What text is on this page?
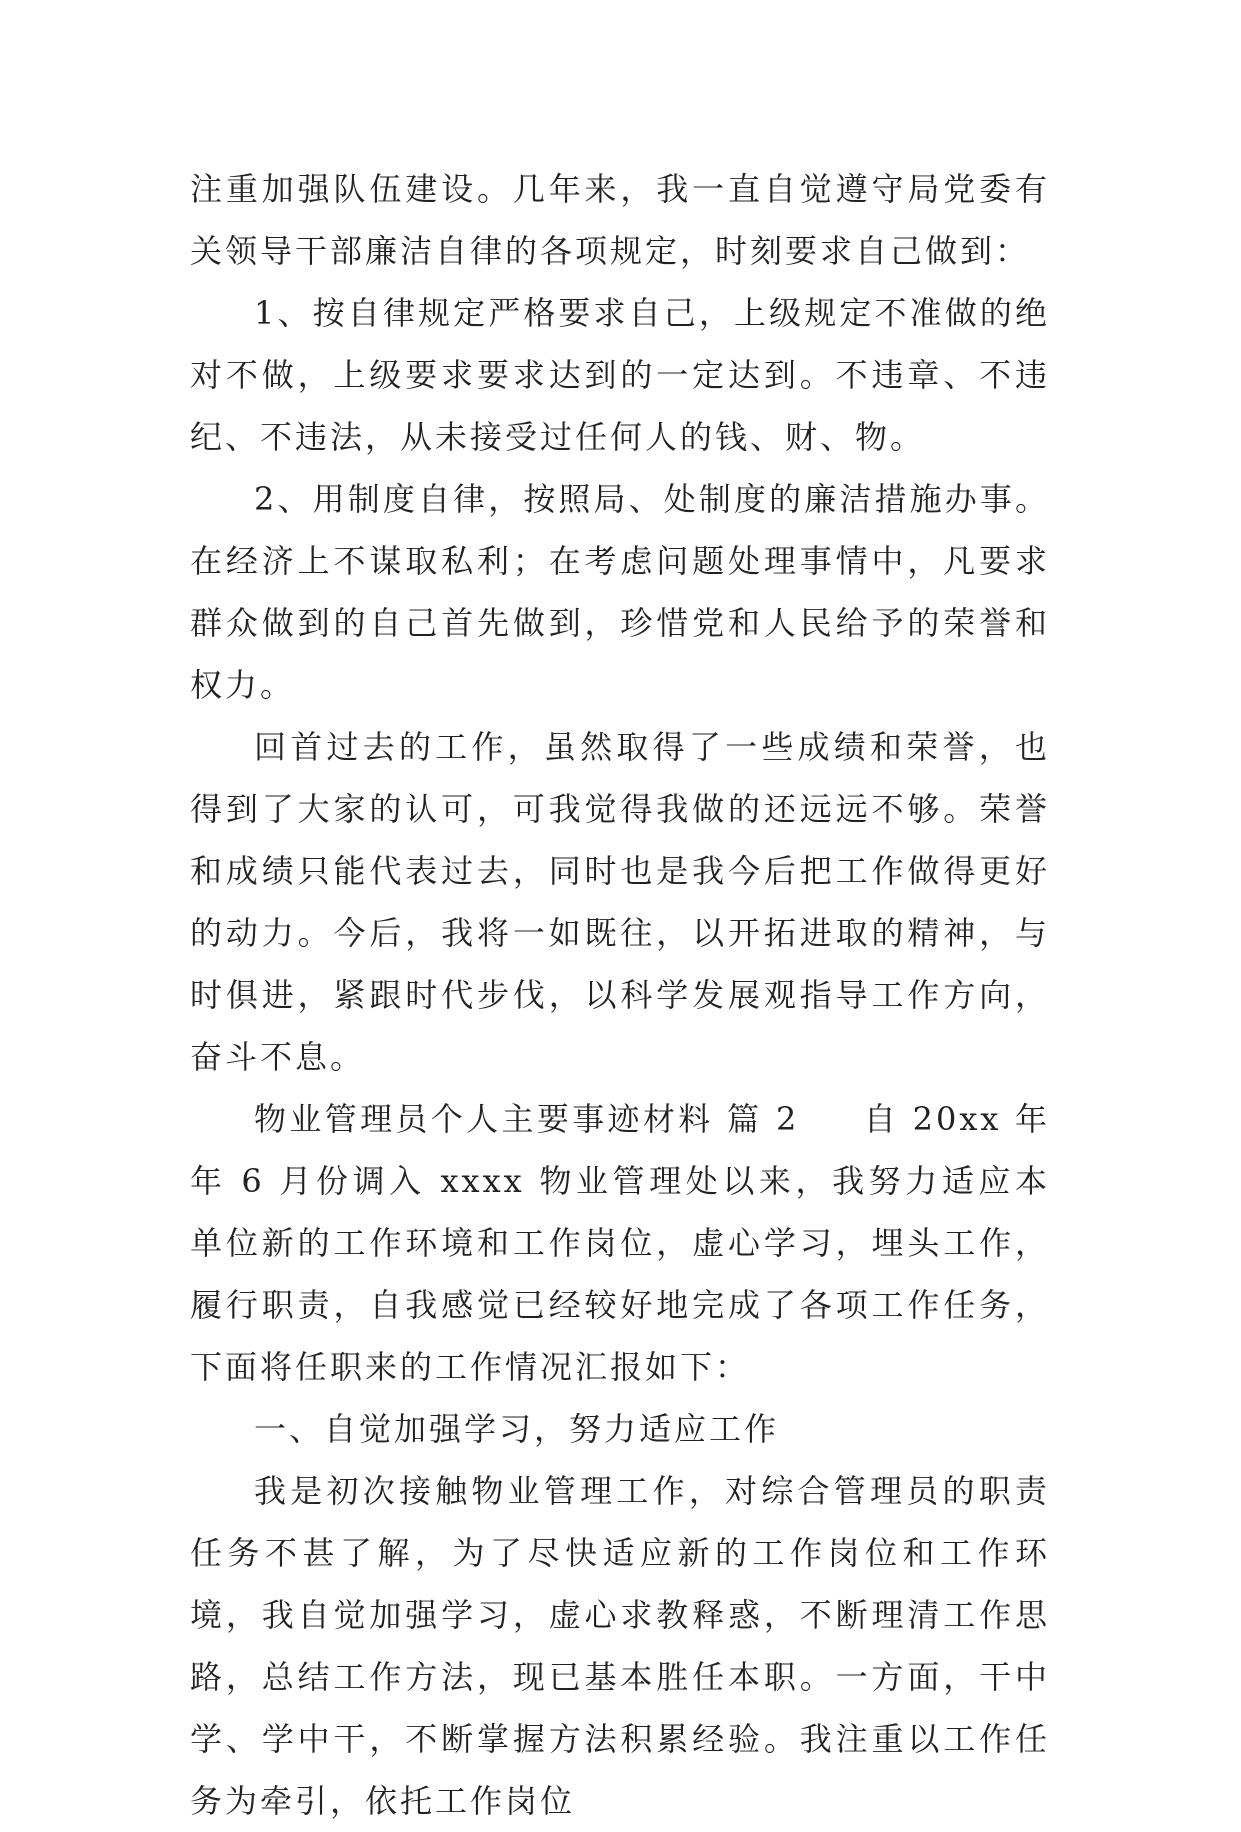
注重加强队伍建设。几年来，我一直自觉遵守局党委有关领导干部廉洁自律的各项规定，时刻要求自己做到：

1、按自律规定严格要求自己，上级规定不准做的绝对不做，上级要求要求达到的一定达到。不违章、不违纪、不违法，从未接受过任何人的钱、财、物。

2、用制度自律，按照局、处制度的廉洁措施办事。在经济上不谋取私利；在考虑问题处理事情中，凡要求群众做到的自己首先做到，珍惜党和人民给予的荣誉和权力。

回首过去的工作，虽然取得了一些成绩和荣誉，也得到了大家的认可，可我觉得我做的还远远不够。荣誉和成绩只能代表过去，同时也是我今后把工作做得更好的动力。今后，我将一如既往，以开拓进取的精神，与时俱进，紧跟时代步伐，以科学发展观指导工作方向，奋斗不息。

物业管理员个人主要事迹材料 篇 2 自 20xx 年年 6 月份调入 xxxx 物业管理处以来，我努力适应本单位新的工作环境和工作岗位，虚心学习，埋头工作，履行职责，自我感觉已经较好地完成了各项工作任务，下面将任职来的工作情况汇报如下：

一、自觉加强学习，努力适应工作

我是初次接触物业管理工作，对综合管理员的职责任务不甚了解，为了尽快适应新的工作岗位和工作环境，我自觉加强学习，虚心求教释惑，不断理清工作思路，总结工作方法，现已基本胜任本职。一方面，干中学、学中干，不断掌握方法积累经验。我注重以工作任务为牵引，依托工作岗位
